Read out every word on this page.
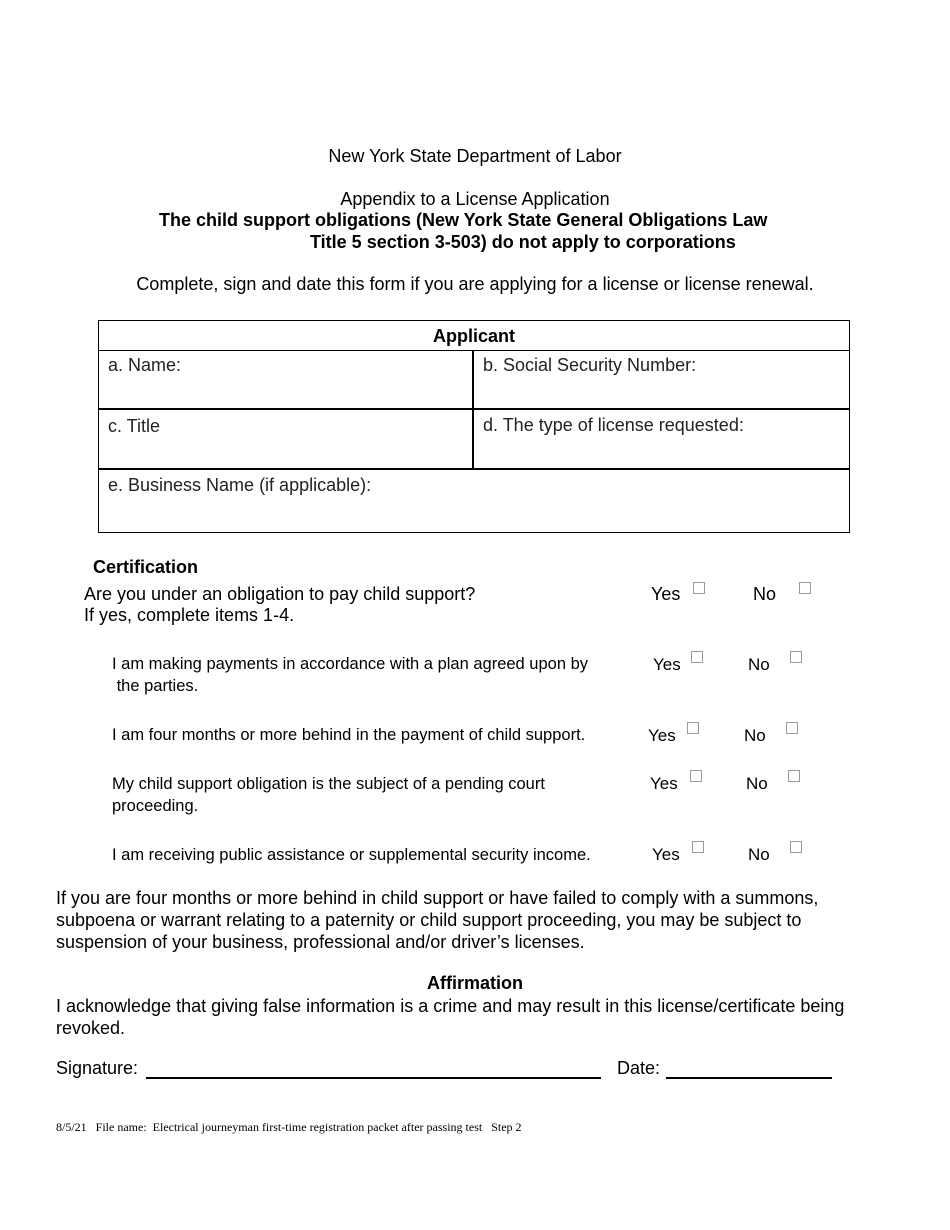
New York State Department of Labor
Appendix to a License Application
The child support obligations (New York State General Obligations Law
Title 5 section 3-503) do not apply to corporations
Complete, sign and date this form if you are applying for a license or license renewal.
Applicant
a. Name:	b. Social Security Number:
c. Title	d. The type of license requested:
e. Business Name (if applicable):
Certification
Are you under an obligation to pay child support?
If yes, complete items 1-4.
Yes	No
I am making payments in accordance with a plan agreed upon by
the parties.
Yes	No
I am four months or more behind in the payment of child support.	Yes	No
My child support obligation is the subject of a pending court
proceeding.
Yes	No
I am receiving public assistance or supplemental security income.	Yes	No
If you are four months or more behind in child support or have failed to comply with a summons, subpoena or warrant relating to a paternity or child support proceeding, you may be subject to suspension of your business, professional and/or driver’s licenses.
Affirmation
I acknowledge that giving false information is a crime and may result in this license/certificate being revoked.
Signature:	Date:
8/5/21   File name:  Electrical journeyman first-time registration packet after passing test   Step 2
